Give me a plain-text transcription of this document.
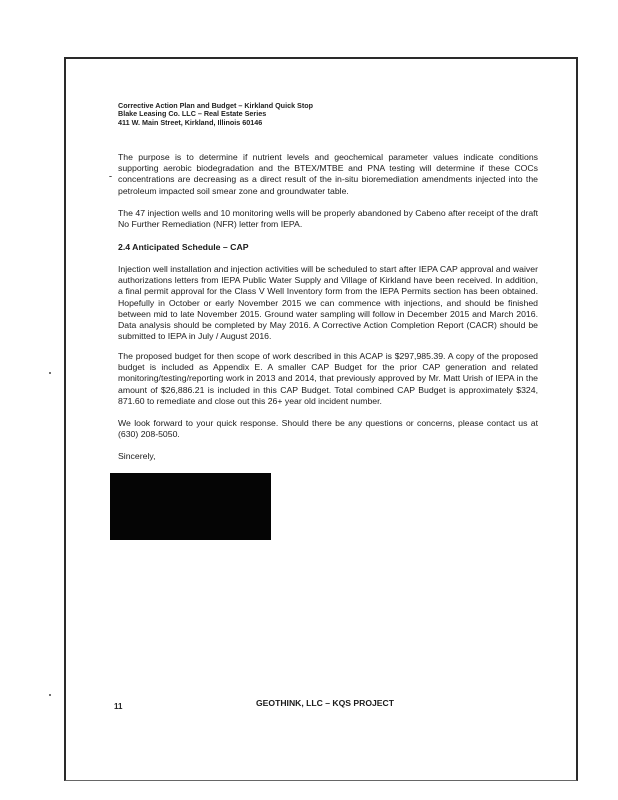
Corrective Action Plan and Budget – Kirkland Quick Stop
Blake Leasing Co. LLC – Real Estate Series
411 W. Main Street, Kirkland, Illinois 60146
The purpose is to determine if nutrient levels and geochemical parameter values indicate conditions supporting aerobic biodegradation and the BTEX/MTBE and PNA testing will determine if these COCs concentrations are decreasing as a direct result of the in-situ bioremediation amendments injected into the petroleum impacted soil smear zone and groundwater table.
The 47 injection wells and 10 monitoring wells will be properly abandoned by Cabeno after receipt of the draft No Further Remediation (NFR) letter from IEPA.
2.4 Anticipated Schedule – CAP
Injection well installation and injection activities will be scheduled to start after IEPA CAP approval and waiver authorizations letters from IEPA Public Water Supply and Village of Kirkland have been received. In addition, a final permit approval for the Class V Well Inventory form from the IEPA Permits section has been obtained. Hopefully in October or early November 2015 we can commence with injections, and should be finished between mid to late November 2015. Ground water sampling will follow in December 2015 and March 2016. Data analysis should be completed by May 2016. A Corrective Action Completion Report (CACR) should be submitted to IEPA in July / August 2016.
The proposed budget for then scope of work described in this ACAP is $297,985.39. A copy of the proposed budget is included as Appendix E. A smaller CAP Budget for the prior CAP generation and related monitoring/testing/reporting work in 2013 and 2014, that previously approved by Mr. Matt Urish of IEPA in the amount of $26,886.21 is included in this CAP Budget. Total combined CAP Budget is approximately $324, 871.60 to remediate and close out this 26+ year old incident number.
We look forward to your quick response. Should there be any questions or concerns, please contact us at (630) 208-5050.
Sincerely,
11	GEOTHINK, LLC – KQS PROJECT
